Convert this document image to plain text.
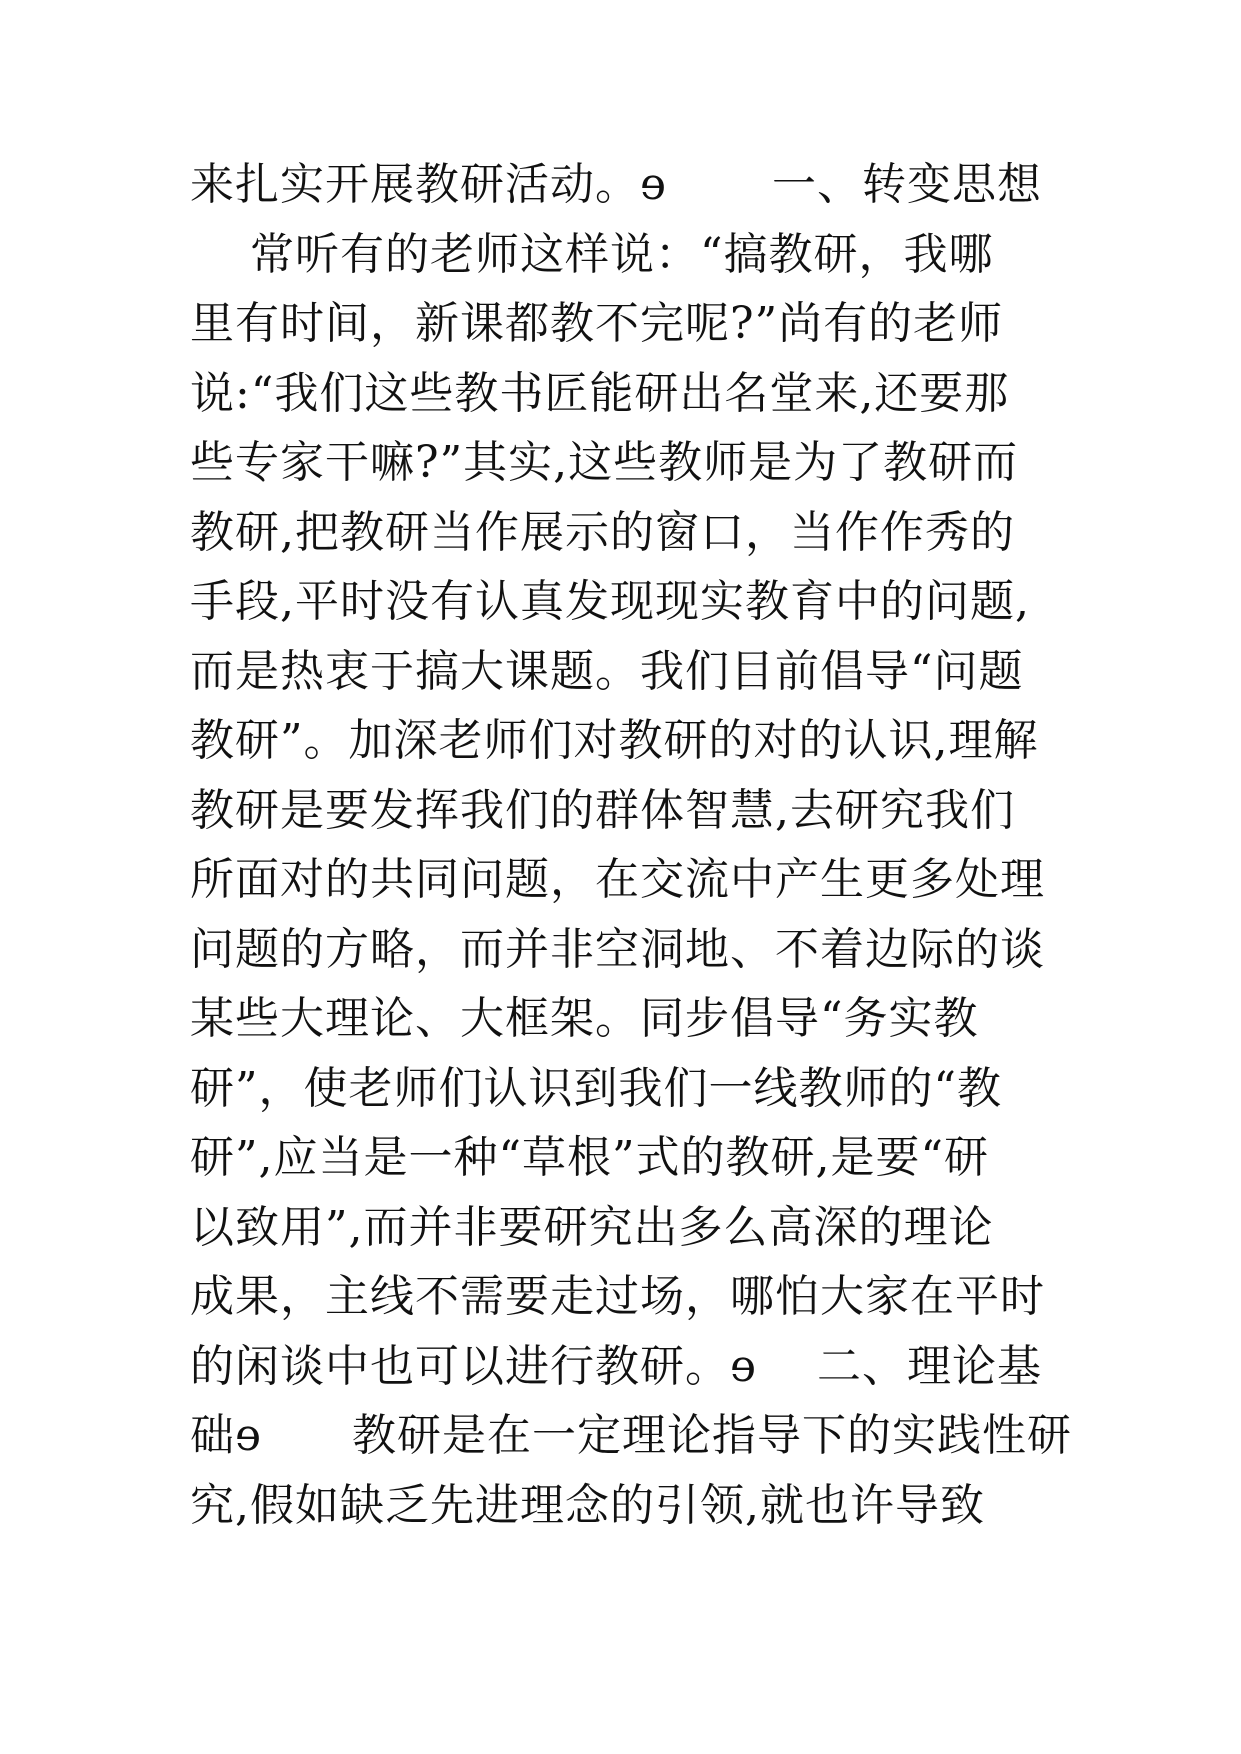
来扎实开展教研活动。ɘ       一、转变思想
常听有的老师这样说：“搞教研，我哪
里有时间，新课都教不完呢?”尚有的老师
说:“我们这些教书匠能研出名堂来,还要那
些专家干嘛?”其实,这些教师是为了教研而
教研,把教研当作展示的窗口，当作作秀的
手段,平时没有认真发现现实教育中的问题,
而是热衷于搞大课题。我们目前倡导“问题
教研”。加深老师们对教研的对的认识,理解
教研是要发挥我们的群体智慧,去研究我们
所面对的共同问题，在交流中产生更多处理
问题的方略，而并非空洞地、不着边际的谈
某些大理论、大框架。同步倡导“务实教
研”，使老师们认识到我们一线教师的“教
研”,应当是一种“草根”式的教研,是要“研
以致用”,而并非要研究出多么高深的理论
成果，主线不需要走过场，哪怕大家在平时
的闲谈中也可以进行教研。ɘ    二、理论基
础ɘ      教研是在一定理论指导下的实践性研
究,假如缺乏先进理念的引领,就也许导致
